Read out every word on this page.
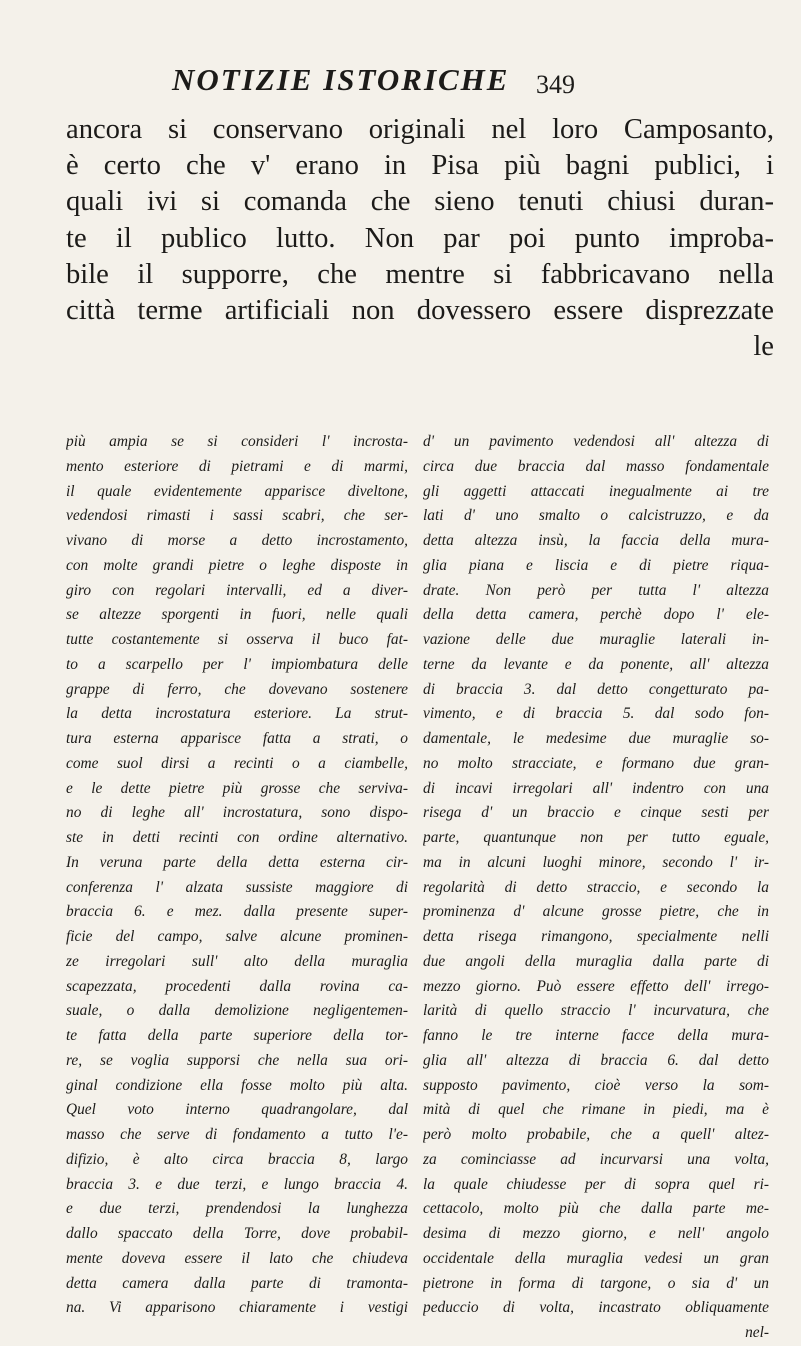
NOTIZIE ISTORICHE 349
ancora si conservano originali nel loro Camposanto,
è certo che v' erano in Pisa più bagni publici, i
quali ivi si comanda che sieno tenuti chiusi duran-
te il publico lutto. Non par poi punto improba-
bile il supporre, che mentre si fabbricavano nella
città terme artificiali non dovessero essere disprezzate
le
più ampia se si consideri l' incrosta-
mento esteriore di pietrami e di marmi,
il quale evidentemente apparisce diveltone,
vedendosi rimasti i sassi scabri, che ser-
vivano di morse a detto incrostamento,
con molte grandi pietre o leghe disposte in
giro con regolari intervalli, ed a diver-
se altezze sporgenti in fuori, nelle quali
tutte costantemente si osserva il buco fat-
to a scarpello per l' impiombatura delle
grappe di ferro, che dovevano sostenere
la detta incrostatura esteriore. La strut-
tura esterna apparisce fatta a strati, o
come suol dirsi a recinti o a ciambelle,
e le dette pietre più grosse che serviva-
no di leghe all' incrostatura, sono dispo-
ste in detti recinti con ordine alternativo.
In veruna parte della detta esterna cir-
conferenza l' alzata sussiste maggiore di
braccia 6. e mez. dalla presente super-
ficie del campo, salve alcune prominen-
ze irregolari sull' alto della muraglia
scapezzata, procedenti dalla rovina ca-
suale, o dalla demolizione negligentemen-
te fatta della parte superiore della tor-
re, se voglia supporsi che nella sua ori-
ginal condizione ella fosse molto più alta.
Quel voto interno quadrangolare, dal
masso che serve di fondamento a tutto l'e-
difizio, è alto circa braccia 8, largo
braccia 3. e due terzi, e lungo braccia 4.
e due terzi, prendendosi la lunghezza
dallo spaccato della Torre, dove probabil-
mente doveva essere il lato che chiudeva
detta camera dalla parte di tramonta-
na. Vi apparisono chiaramente i vestigi
d' un pavimento vedendosi all' altezza di
circa due braccia dal masso fondamentale
gli aggetti attaccati inegualmente ai tre
lati d' uno smalto o calcistruzzo, e da
detta altezza insù, la faccia della mura-
glia piana e liscia e di pietre riqua-
drate. Non però per tutta l' altezza
della detta camera, perchè dopo l' ele-
vazione delle due muraglie laterali in-
terne da levante e da ponente, all' altezza
di braccia 3. dal detto congetturato pa-
vimento, e di braccia 5. dal sodo fon-
damentale, le medesime due muraglie so-
no molto stracciate, e formano due gran-
di incavi irregolari all' indentro con una
risega d' un braccio e cinque sesti per
parte, quantunque non per tutto eguale,
ma in alcuni luoghi minore, secondo l' ir-
regolarità di detto straccio, e secondo la
prominenza d' alcune grosse pietre, che in
detta risega rimangono, specialmente nelli
due angoli della muraglia dalla parte di
mezzo giorno. Può essere effetto dell' irrego-
larità di quello straccio l' incurvatura, che
fanno le tre interne facce della mura-
glia all' altezza di braccia 6. dal detto
supposto pavimento, cioè verso la som-
mità di quel che rimane in piedi, ma è
però molto probabile, che a quell' altez-
za cominciasse ad incurvarsi una volta,
la quale chiudesse per di sopra quel ri-
cettacolo, molto più che dalla parte me-
desima di mezzo giorno, e nell' angolo
occidentale della muraglia vedesi un gran
pietrone in forma di targone, o sia d' un
peduccio di volta, incastrato obliquamente
nel-
